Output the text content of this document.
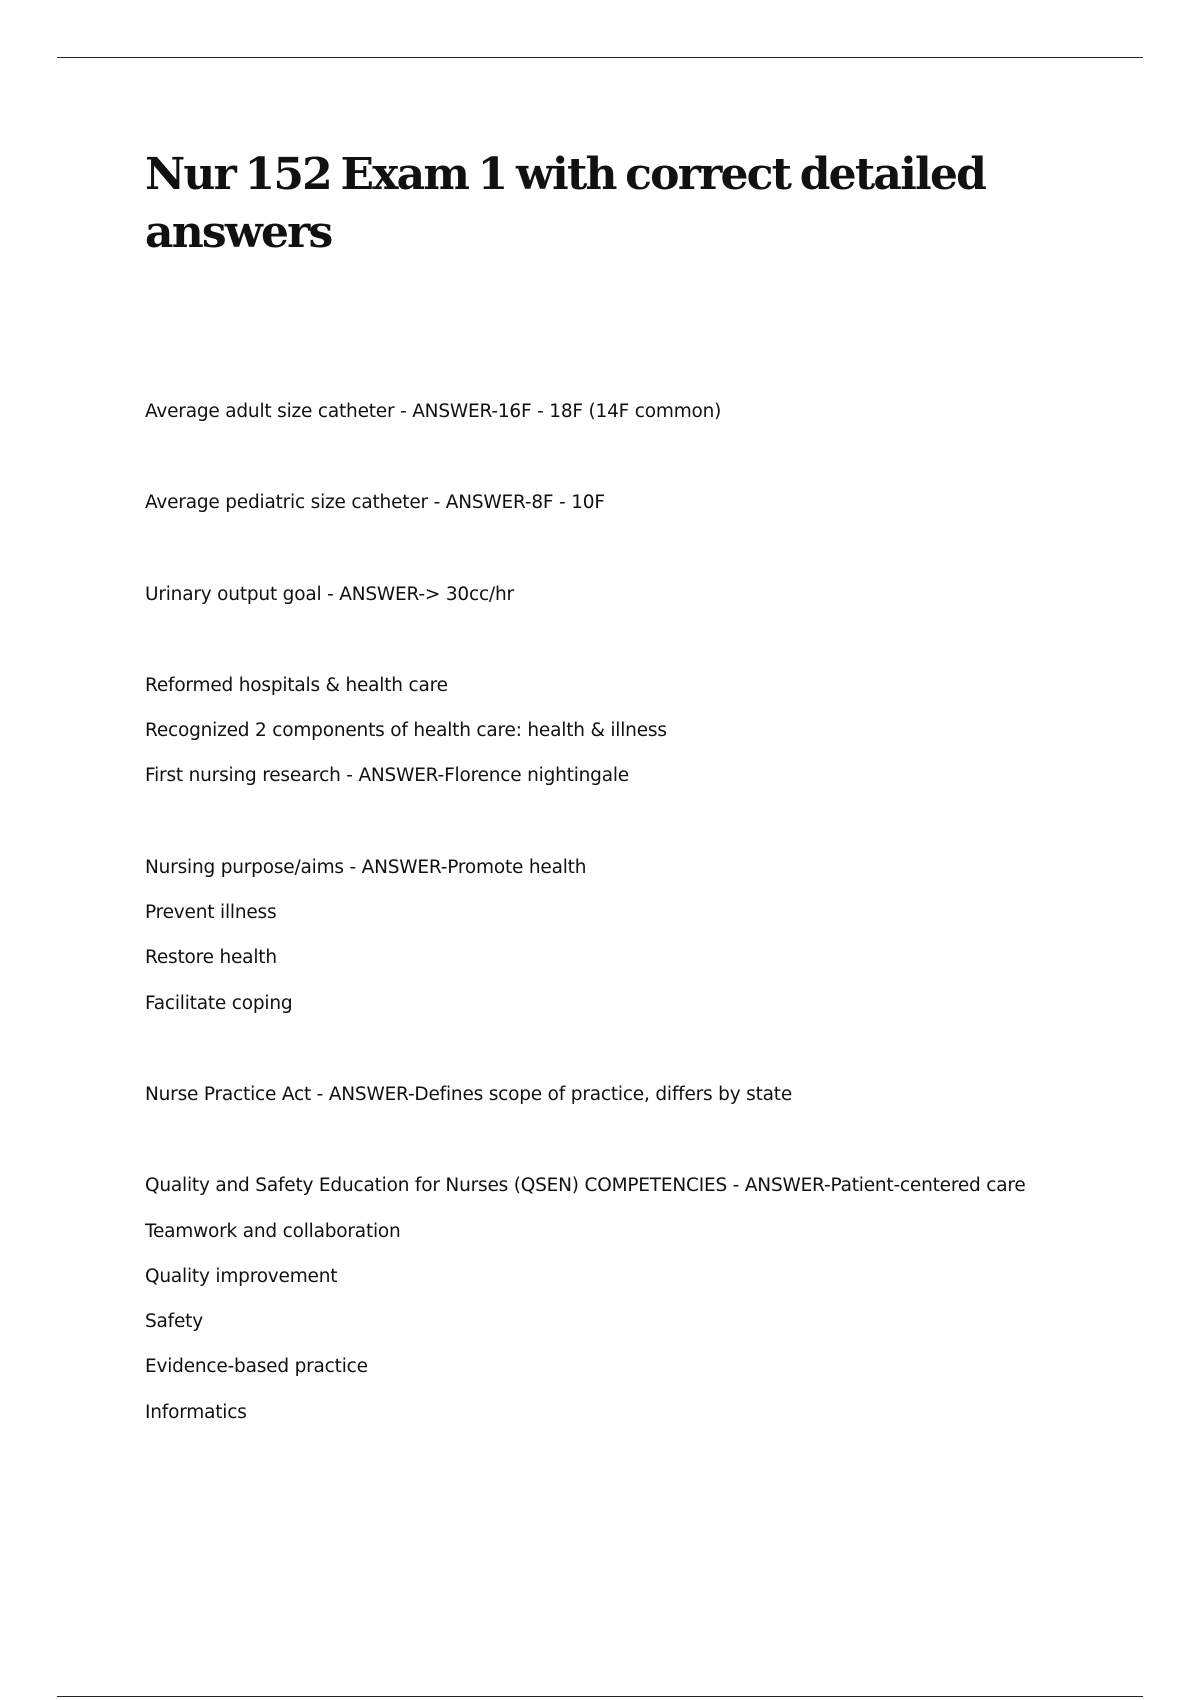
Nur 152 Exam 1 with correct detailed answers
Average adult size catheter - ANSWER-16F - 18F (14F common)
Average pediatric size catheter - ANSWER-8F - 10F
Urinary output goal - ANSWER-> 30cc/hr
Reformed hospitals & health care
Recognized 2 components of health care: health & illness
First nursing research - ANSWER-Florence nightingale
Nursing purpose/aims - ANSWER-Promote health
Prevent illness
Restore health
Facilitate coping
Nurse Practice Act - ANSWER-Defines scope of practice, differs by state
Quality and Safety Education for Nurses (QSEN) COMPETENCIES - ANSWER-Patient-centered care
Teamwork and collaboration
Quality improvement
Safety
Evidence-based practice
Informatics
